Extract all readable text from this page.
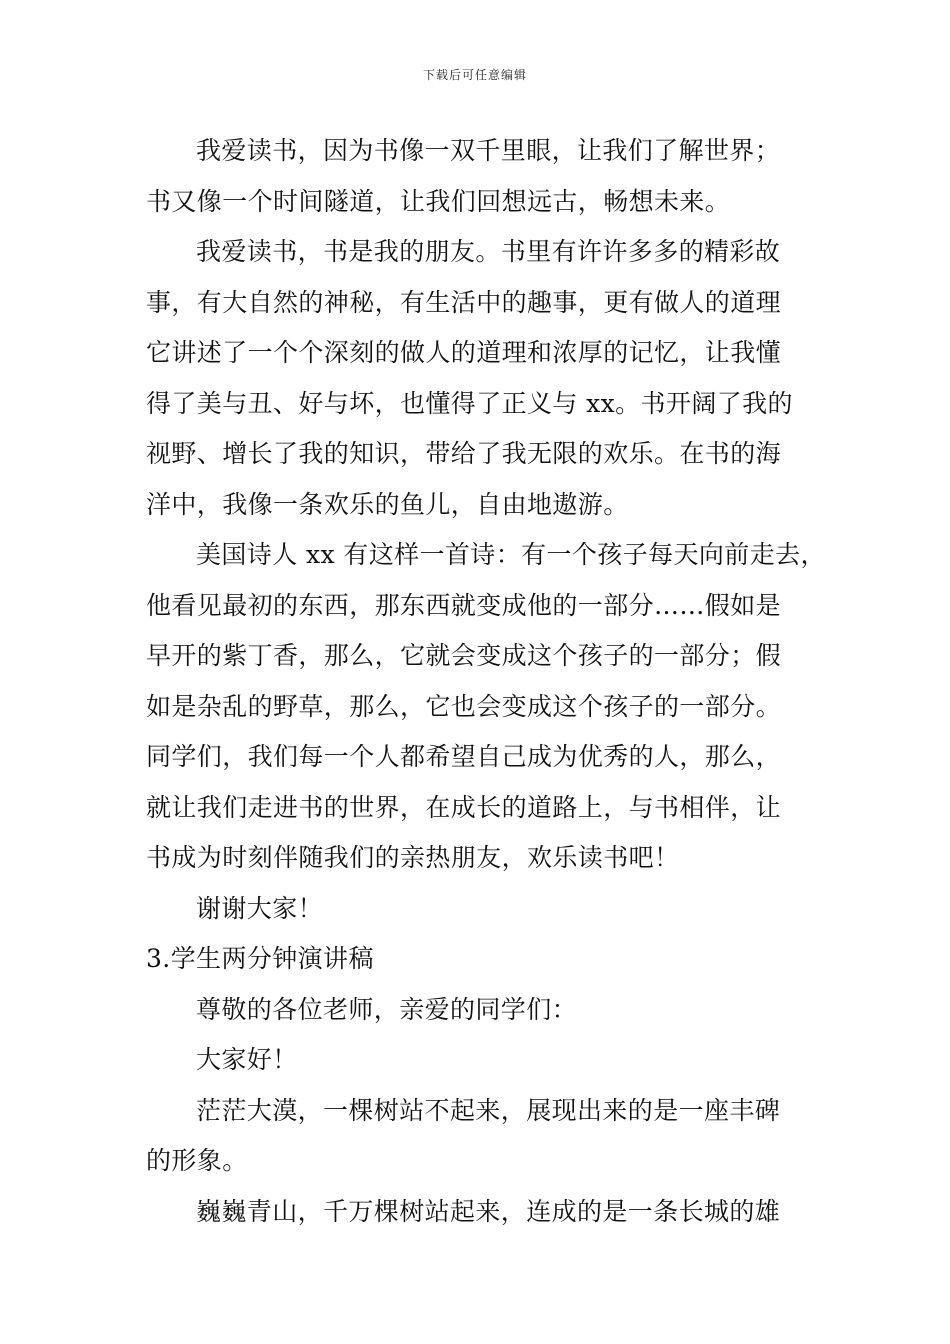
下载后可任意编辑
我爱读书，因为书像一双千里眼，让我们了解世界；
书又像一个时间隧道，让我们回想远古，畅想未来。
我爱读书，书是我的朋友。书里有许许多多的精彩故
事，有大自然的神秘，有生活中的趣事，更有做人的道理
它讲述了一个个深刻的做人的道理和浓厚的记忆，让我懂
得了美与丑、好与坏，也懂得了正义与 xx。书开阔了我的
视野、增长了我的知识，带给了我无限的欢乐。在书的海
洋中，我像一条欢乐的鱼儿，自由地遨游。
美国诗人 xx 有这样一首诗：有一个孩子每天向前走去，
他看见最初的东西，那东西就变成他的一部分……假如是
早开的紫丁香，那么，它就会变成这个孩子的一部分；假
如是杂乱的野草，那么，它也会变成这个孩子的一部分。
同学们，我们每一个人都希望自己成为优秀的人，那么，
就让我们走进书的世界，在成长的道路上，与书相伴，让
书成为时刻伴随我们的亲热朋友，欢乐读书吧！
谢谢大家！
3.学生两分钟演讲稿
尊敬的各位老师，亲爱的同学们：
大家好！
茫茫大漠，一棵树站不起来，展现出来的是一座丰碑
的形象。
巍巍青山，千万棵树站起来，连成的是一条长城的雄
